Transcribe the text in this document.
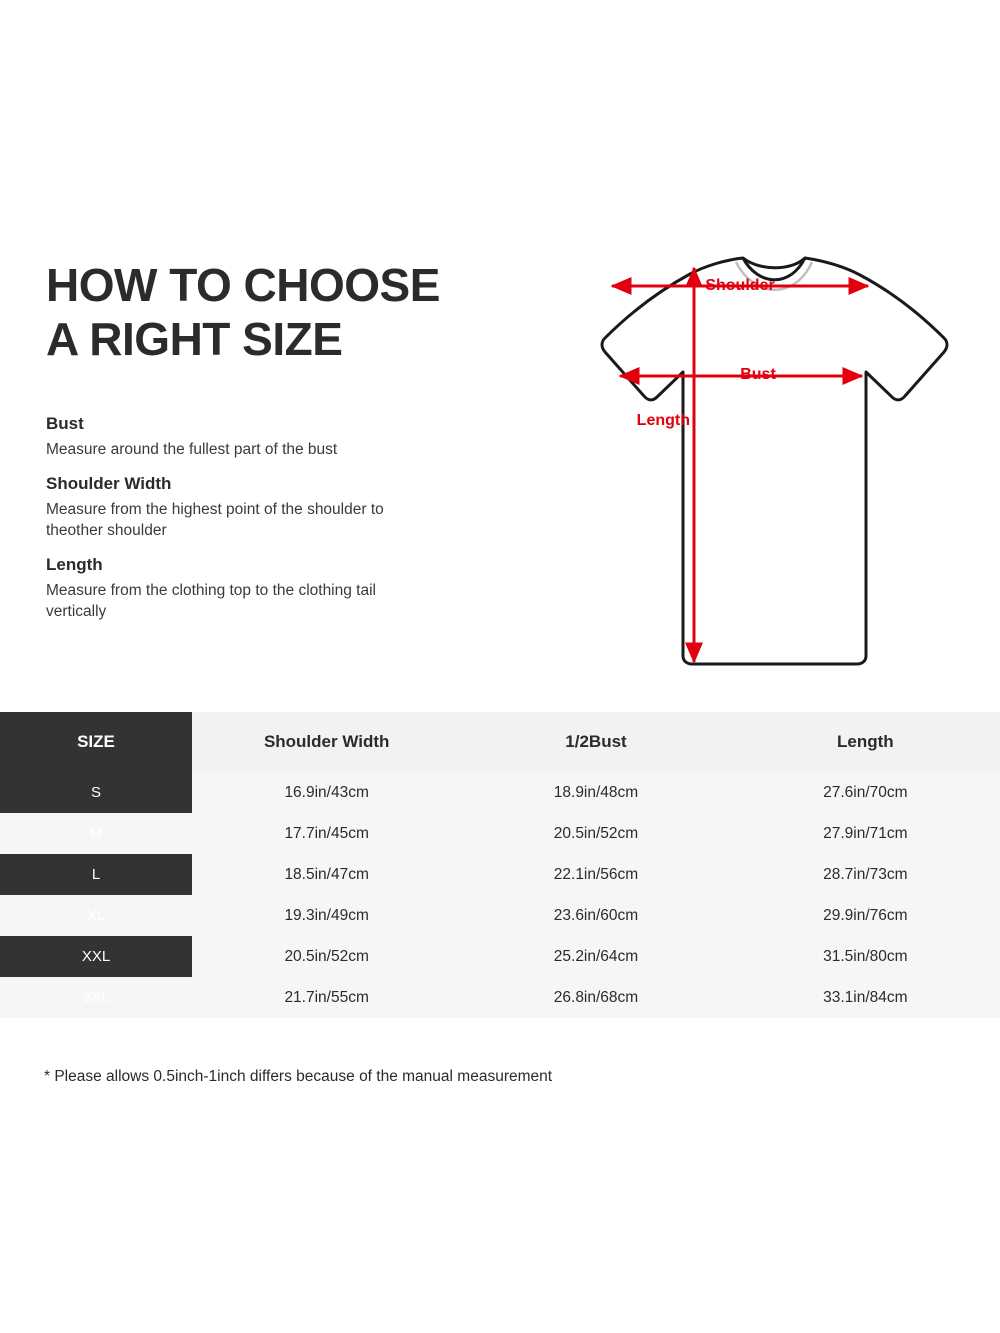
HOW TO CHOOSE
A RIGHT SIZE
Bust
Measure around the fullest part of the bust
Shoulder Width
Measure from the highest point of the shoulder to theother shoulder
Length
Measure from the clothing top to the clothing tail vertically
Shoulder
Bust
Length
SIZE	Shoulder Width	1/2Bust	Length
S	16.9in/43cm	18.9in/48cm	27.6in/70cm
M	17.7in/45cm	20.5in/52cm	27.9in/71cm
L	18.5in/47cm	22.1in/56cm	28.7in/73cm
XL	19.3in/49cm	23.6in/60cm	29.9in/76cm
XXL	20.5in/52cm	25.2in/64cm	31.5in/80cm
3XL	21.7in/55cm	26.8in/68cm	33.1in/84cm
* Please allows 0.5inch-1inch differs because of the manual measurement
